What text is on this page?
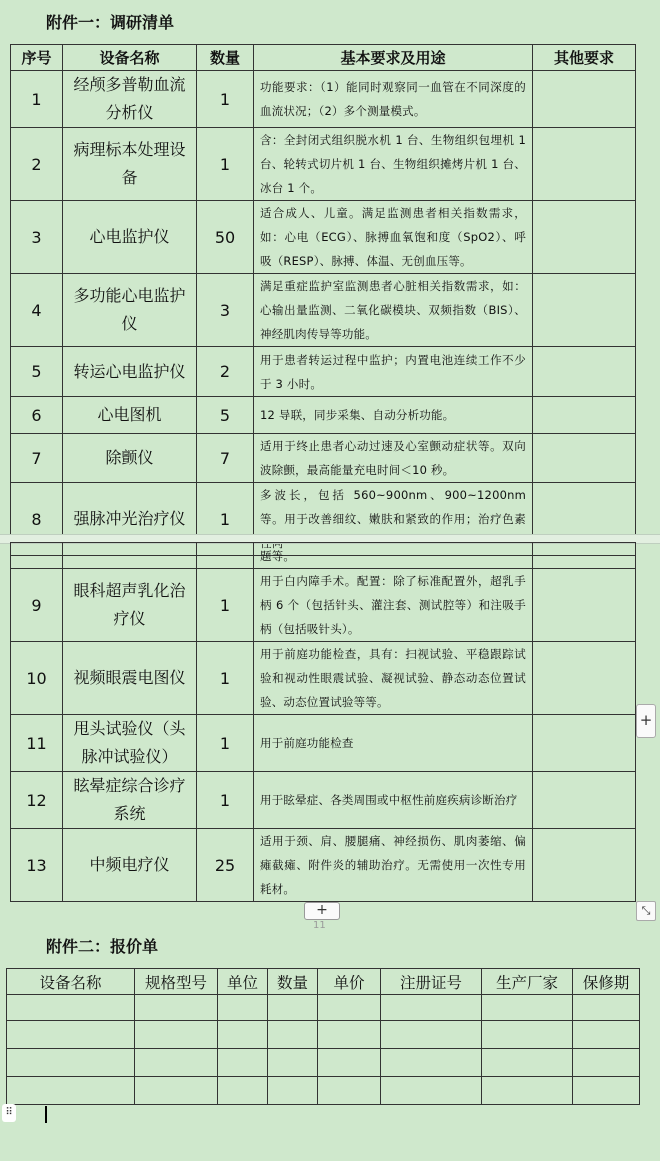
附件一：调研清单
序号	设备名称	数量	基本要求及用途	其他要求
1	经颅多普勒血流分析仪	1	功能要求：（1）能同时观察同一血管在不同深度的血流状况；（2）多个测量模式。	
2	病理标本处理设备	1	含：全封闭式组织脱水机 1 台、生物组织包埋机 1 台、轮转式切片机 1 台、生物组织摊烤片机 1 台、冰台 1 个。	
3	心电监护仪	50	适合成人、儿童。满足监测患者相关指数需求，如：心电（ECG）、脉搏血氧饱和度（SpO2）、呼吸（RESP）、脉搏、体温、无创血压等。	
4	多功能心电监护仪	3	满足重症监护室监测患者心脏相关指数需求，如：心输出量监测、二氧化碳模块、双频指数（BIS）、神经肌肉传导等功能。	
5	转运心电监护仪	2	用于患者转运过程中监护；内置电池连续工作不少于 3 小时。	
6	心电图机	5	12 导联，同步采集、自动分析功能。	
7	除颤仪	7	适用于终止患者心动过速及心室颤动症状等。双向波除颤，最高能量充电时间＜10 秒。	
8	强脉冲光治疗仪	1	多波长，包括 560~900nm、900~1200nm 等。用于改善细纹、嫩肤和紧致的作用；治疗色素	
			题等。	
9	眼科超声乳化治疗仪	1	用于白内障手术。配置：除了标准配置外，超乳手柄 6 个（包括针头、灌注套、测试腔等）和注吸手柄（包括吸针头）。	
10	视频眼震电图仪	1	用于前庭功能检查，具有：扫视试验、平稳跟踪试验和视动性眼震试验、凝视试验、静态动态位置试验、动态位置试验等等。	
11	甩头试验仪（头脉冲试验仪）	1	用于前庭功能检查	
12	眩晕症综合诊疗系统	1	用于眩晕症、各类周围或中枢性前庭疾病诊断治疗	
13	中频电疗仪	25	适用于颈、肩、腰腿痛、神经损伤、肌肉萎缩、偏瘫截瘫、附件炎的辅助治疗。无需使用一次性专用耗材。	
+
+
11
⤡
附件二：报价单
设备名称	规格型号	单位	数量	单价	注册证号	生产厂家	保修期

⠿
